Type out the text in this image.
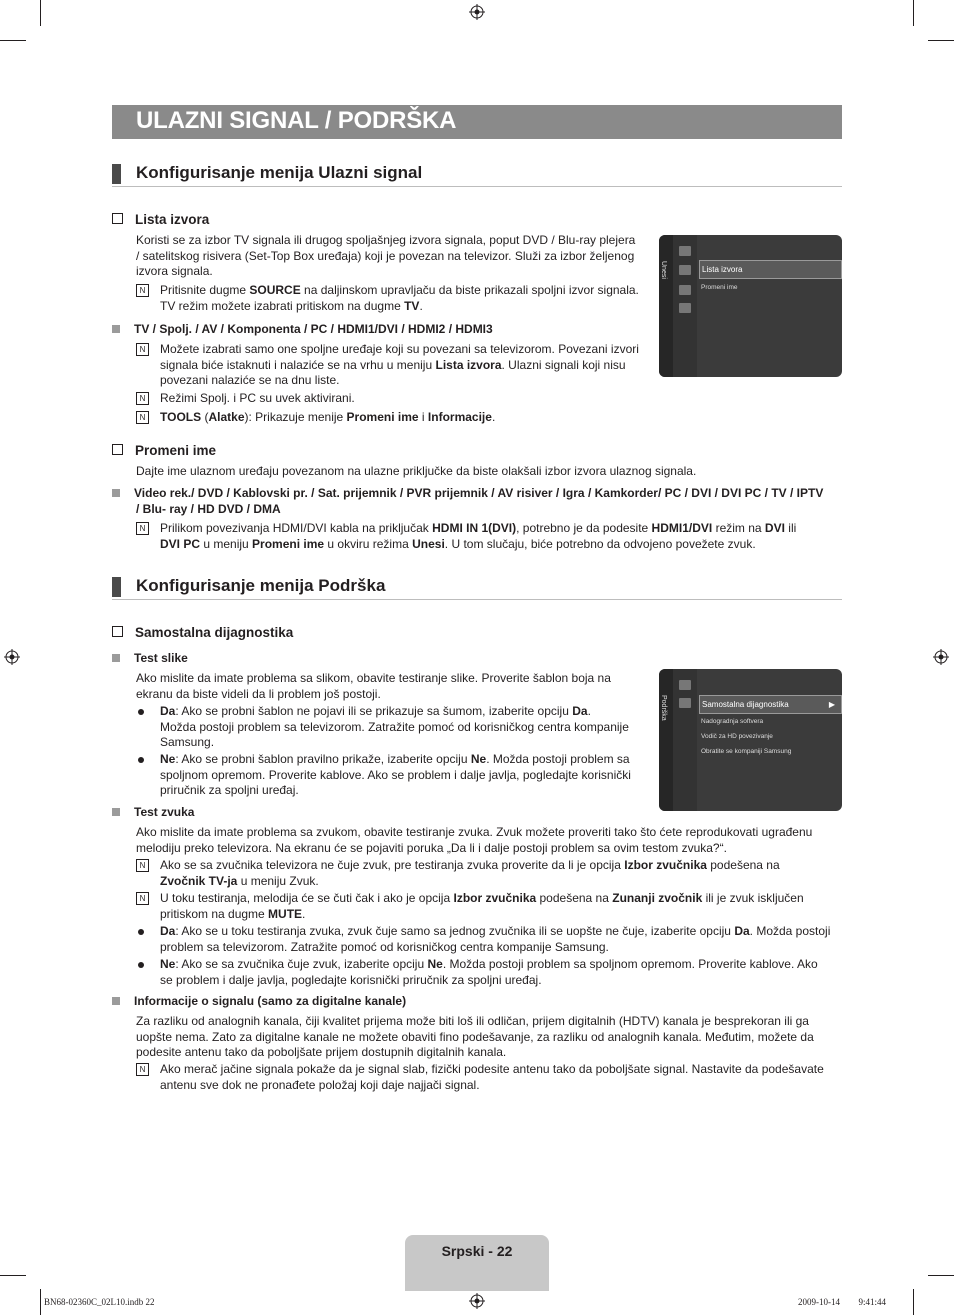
ULAZNI SIGNAL / PODRŠKA
Konfigurisanje menija Ulazni signal
Lista izvora
Koristi se za izbor TV signala ili drugog spoljašnjeg izvora signala, poput DVD / Blu-ray plejera
/ satelitskog risivera (Set-Top Box uređaja) koji je povezan na televizor. Služi za izbor željenog
izvora signala.
N	Pritisnite dugme SOURCE na daljinskom upravljaču da biste prikazali spoljni izvor signala.
TV režim možete izabrati pritiskom na dugme TV.
TV / Spolj. / AV / Komponenta / PC / HDMI1/DVI / HDMI2 / HDMI3
N	Možete izabrati samo one spoljne uređaje koji su povezani sa televizorom. Povezani izvori
signala biće istaknuti i nalaziće se na vrhu u meniju Lista izvora. Ulazni signali koji nisu
povezani nalaziće se na dnu liste.
N	Režimi Spolj. i PC su uvek aktivirani.
N	TOOLS (Alatke): Prikazuje menije Promeni ime i Informacije.
Unesi	Lista izvora
Promeni ime
Promeni ime
Dajte ime ulaznom uređaju povezanom na ulazne priključke da biste olakšali izbor izvora ulaznog signala.
Video rek./ DVD / Kablovski pr. / Sat. prijemnik / PVR prijemnik / AV risiver / Igra / Kamkorder/ PC / DVI / DVI PC / TV / IPTV
/ Blu- ray / HD DVD / DMA
N	Prilikom povezivanja HDMI/DVI kabla na priključak HDMI IN 1(DVI), potrebno je da podesite HDMI1/DVI režim na DVI ili
DVI PC u meniju Promeni ime u okviru režima Unesi. U tom slučaju, biće potrebno da odvojeno povežete zvuk.
Konfigurisanje menija Podrška
Samostalna dijagnostika
Test slike
Ako mislite da imate problema sa slikom, obavite testiranje slike. Proverite šablon boja na
ekranu da biste videli da li problem još postoji.
Da: Ako se probni šablon ne pojavi ili se prikazuje sa šumom, izaberite opciju Da.
Možda postoji problem sa televizorom. Zatražite pomoć od korisničkog centra kompanije
Samsung.
Ne: Ako se probni šablon pravilno prikaže, izaberite opciju Ne. Možda postoji problem sa
spoljnom opremom. Proverite kablove. Ako se problem i dalje javlja, pogledajte korisnički
priručnik za spoljni uređaj.
Podrška	Samostalna dijagnostika	▶
Nadogradnja softvera
Vodič za HD povezivanje
Obratite se kompaniji Samsung
Test zvuka
Ako mislite da imate problema sa zvukom, obavite testiranje zvuka. Zvuk možete proveriti tako što ćete reprodukovati ugrađenu
melodiju preko televizora. Na ekranu će se pojaviti poruka „Da li i dalje postoji problem sa ovim testom zvuka?“.
N	Ako se sa zvučnika televizora ne čuje zvuk, pre testiranja zvuka proverite da li je opcija Izbor zvučnika podešena na
Zvočnik TV-ja u meniju Zvuk.
N	U toku testiranja, melodija će se čuti čak i ako je opcija Izbor zvučnika podešena na Zunanji zvočnik ili je zvuk isključen
pritiskom na dugme MUTE.
Da: Ako se u toku testiranja zvuka, zvuk čuje samo sa jednog zvučnika ili se uopšte ne čuje, izaberite opciju Da. Možda postoji
problem sa televizorom. Zatražite pomoć od korisničkog centra kompanije Samsung.
Ne: Ako se sa zvučnika čuje zvuk, izaberite opciju Ne. Možda postoji problem sa spoljnom opremom. Proverite kablove. Ako
se problem i dalje javlja, pogledajte korisnički priručnik za spoljni uređaj.
Informacije o signalu (samo za digitalne kanale)
Za razliku od analognih kanala, čiji kvalitet prijema može biti loš ili odličan, prijem digitalnih (HDTV) kanala je besprekoran ili ga
uopšte nema. Zato za digitalne kanale ne možete obaviti fino podešavanje, za razliku od analognih kanala. Međutim, možete da
podesite antenu tako da poboljšate prijem dostupnih digitalnih kanala.
N	Ako merač jačine signala pokaže da je signal slab, fizički podesite antenu tako da poboljšate signal. Nastavite da podešavate
antenu sve dok ne pronađete položaj koji daje najjači signal.
Srpski - 22
BN68-02360C_02L10.indb 22	2009-10-14 ￿￿ 9:41:44
